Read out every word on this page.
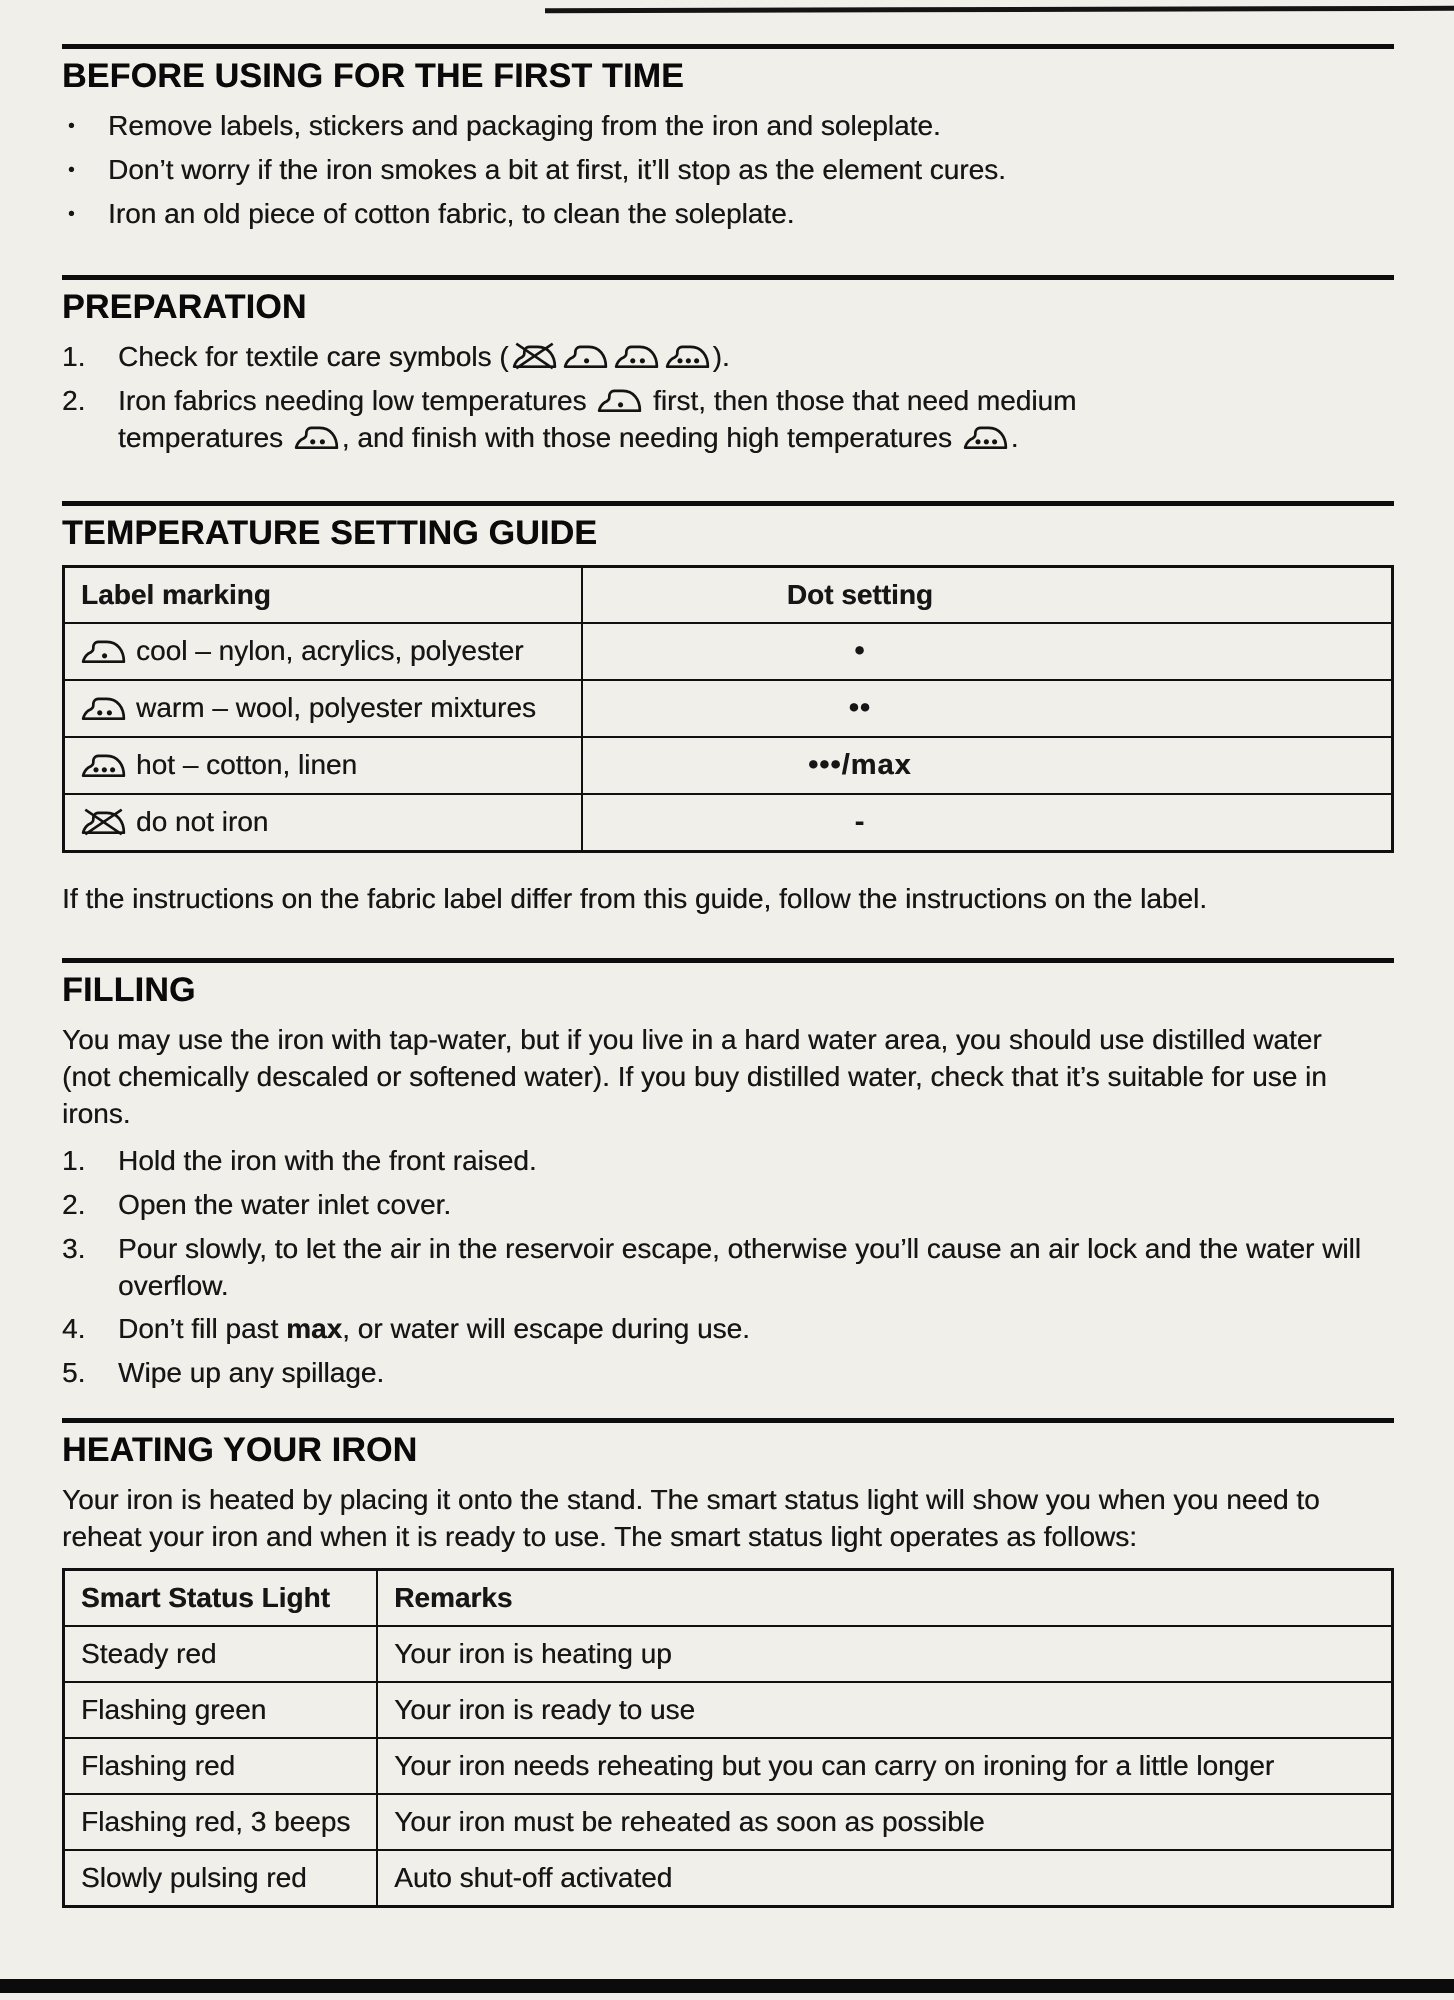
BEFORE USING FOR THE FIRST TIME
•	Remove labels, stickers and packaging from the iron and soleplate.
•	Don’t worry if the iron smokes a bit at first, it’ll stop as the element cures.
•	Iron an old piece of cotton fabric, to clean the soleplate.
PREPARATION
1.	Check for textile care symbols (	).
2.	Iron fabrics needing low temperatures first, then those that need medium
temperatures , and finish with those needing high temperatures .
TEMPERATURE SETTING GUIDE
Label marking	Dot setting
cool – nylon, acrylics, polyester	•
warm – wool, polyester mixtures	••
hot – cotton, linen	•••/max
do not iron	-

If the instructions on the fabric label differ from this guide, follow the instructions on the label.

FILLING

You may use the iron with tap-water, but if you live in a hard water area, you should use distilled water (not chemically descaled or softened water). If you buy distilled water, check that it’s suitable for use in irons.

1.	Hold the iron with the front raised.
2.	Open the water inlet cover.
3.	Pour slowly, to let the air in the reservoir escape, otherwise you’ll cause an air lock and the water will overflow.
4.	Don’t fill past max, or water will escape during use.
5.	Wipe up any spillage.
HEATING YOUR IRON

Your iron is heated by placing it onto the stand. The smart status light will show you when you need to reheat your iron and when it is ready to use. The smart status light operates as follows:

Smart Status Light	Remarks
Steady red	Your iron is heating up
Flashing green	Your iron is ready to use
Flashing red	Your iron needs reheating but you can carry on ironing for a little longer
Flashing red, 3 beeps	Your iron must be reheated as soon as possible
Slowly pulsing red	Auto shut-off activated
